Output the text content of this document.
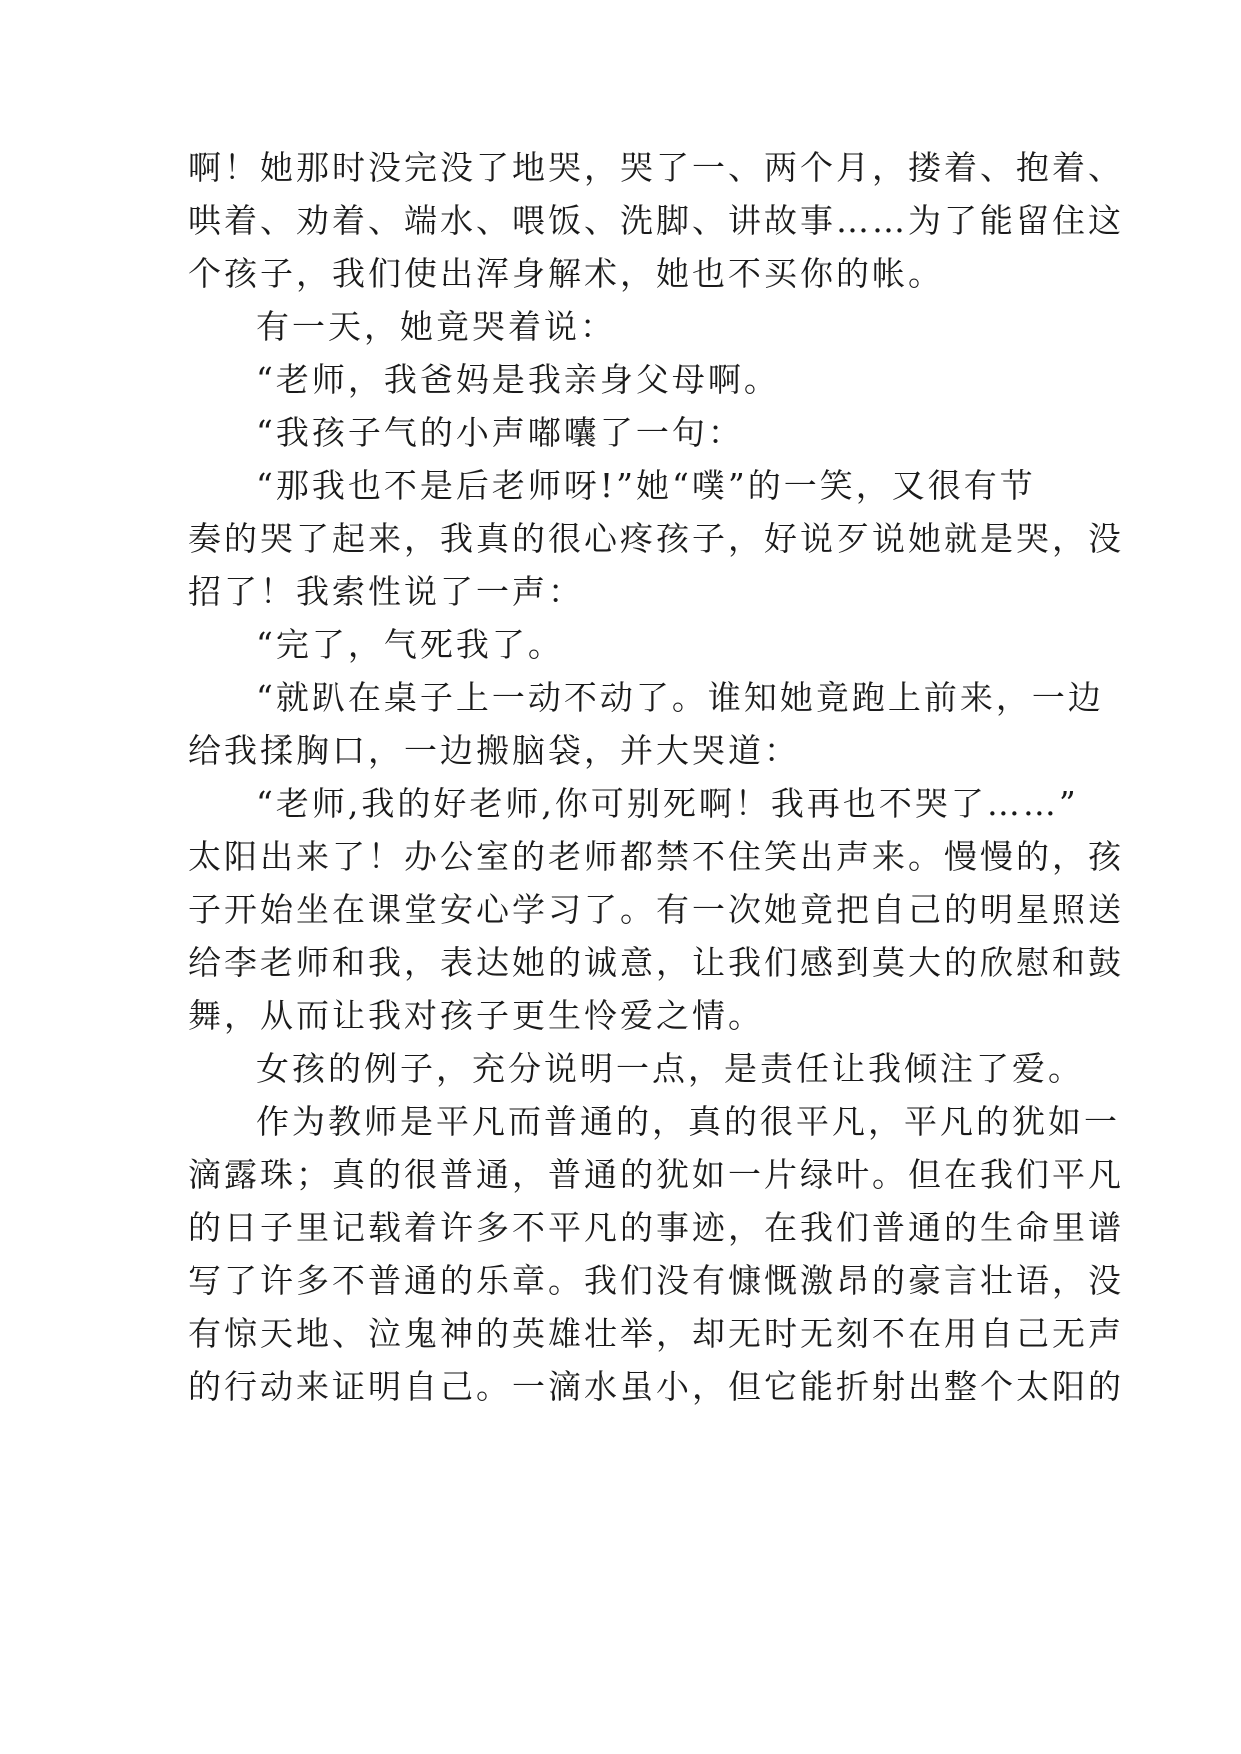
啊！她那时没完没了地哭，哭了一、两个月，搂着、抱着、
哄着、劝着、端水、喂饭、洗脚、讲故事……为了能留住这
个孩子，我们使出浑身解术，她也不买你的帐。
有一天，她竟哭着说：
“老师，我爸妈是我亲身父母啊。
“我孩子气的小声嘟囔了一句：
“那我也不是后老师呀!”她“噗”的一笑，又很有节
奏的哭了起来，我真的很心疼孩子，好说歹说她就是哭，没
招了！我索性说了一声：
“完了，气死我了。
“就趴在桌子上一动不动了。谁知她竟跑上前来，一边
给我揉胸口，一边搬脑袋，并大哭道：
“老师,我的好老师,你可别死啊！我再也不哭了……”
太阳出来了！办公室的老师都禁不住笑出声来。慢慢的，孩
子开始坐在课堂安心学习了。有一次她竟把自己的明星照送
给李老师和我，表达她的诚意，让我们感到莫大的欣慰和鼓
舞，从而让我对孩子更生怜爱之情。
女孩的例子，充分说明一点，是责任让我倾注了爱。
作为教师是平凡而普通的，真的很平凡，平凡的犹如一
滴露珠；真的很普通，普通的犹如一片绿叶。但在我们平凡
的日子里记载着许多不平凡的事迹，在我们普通的生命里谱
写了许多不普通的乐章。我们没有慷慨激昂的豪言壮语，没
有惊天地、泣鬼神的英雄壮举，却无时无刻不在用自己无声
的行动来证明自己。一滴水虽小，但它能折射出整个太阳的
